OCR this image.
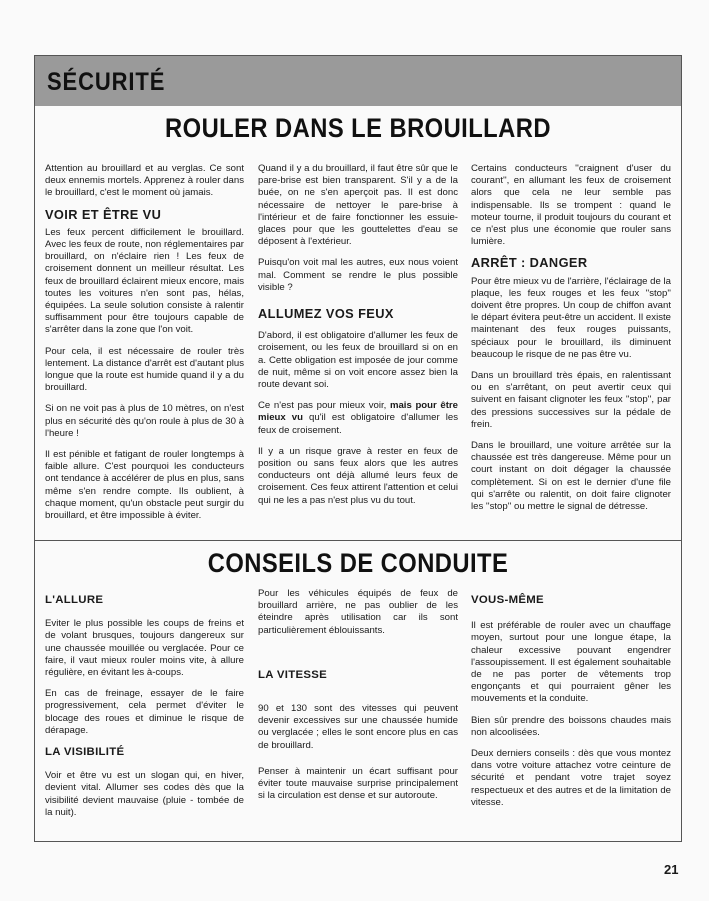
SÉCURITÉ
ROULER DANS LE BROUILLARD

Attention au brouillard et au verglas. Ce sont deux ennemis mortels. Apprenez à rouler dans le brouillard, c'est le moment où jamais.

VOIR ET ÊTRE VU

Les feux percent difficilement le brouillard. Avec les feux de route, non réglementaires par brouillard, on n'éclaire rien ! Les feux de croisement donnent un meilleur résultat. Les feux de brouillard éclairent mieux encore, mais toutes les voitures n'en sont pas, hélas, équipées. La seule solution consiste à ralentir suffisamment pour être toujours capable de s'arrêter dans la zone que l'on voit.

Pour cela, il est nécessaire de rouler très lentement. La distance d'arrêt est d'autant plus longue que la route est humide quand il y a du brouillard.

Si on ne voit pas à plus de 10 mètres, on n'est plus en sécurité dès qu'on roule à plus de 30 à l'heure !

Il est pénible et fatigant de rouler longtemps à faible allure. C'est pourquoi les conducteurs ont tendance à accélérer de plus en plus, sans même s'en rendre compte. Ils oublient, à chaque moment, qu'un obstacle peut surgir du brouillard, et être impossible à éviter.

Quand il y a du brouillard, il faut être sûr que le pare-brise est bien transparent. S'il y a de la buée, on ne s'en aperçoit pas. Il est donc nécessaire de nettoyer le pare-brise à l'intérieur et de faire fonctionner les essuie-glaces pour que les gouttelettes d'eau se déposent à l'extérieur.

Puisqu'on voit mal les autres, eux nous voient mal. Comment se rendre le plus possible visible ?

ALLUMEZ VOS FEUX

D'abord, il est obligatoire d'allumer les feux de croisement, ou les feux de brouillard si on en a. Cette obligation est imposée de jour comme de nuit, même si on voit encore assez bien la route devant soi.

Ce n'est pas pour mieux voir, mais pour être mieux vu qu'il est obligatoire d'allumer les feux de croisement.

Il y a un risque grave à rester en feux de position ou sans feux alors que les autres conducteurs ont déjà allumé leurs feux de croisement. Ces feux attirent l'attention et celui qui ne les a pas n'est plus vu du tout.

Certains conducteurs ''craignent d'user du courant'', en allumant les feux de croisement alors que cela ne leur semble pas indispensable. Ils se trompent : quand le moteur tourne, il produit toujours du courant et ce n'est plus une économie que rouler sans lumière.

ARRÊT : DANGER

Pour être mieux vu de l'arrière, l'éclairage de la plaque, les feux rouges et les feux ''stop'' doivent être propres. Un coup de chiffon avant le départ évitera peut-être un accident. Il existe maintenant des feux rouges puissants, spéciaux pour le brouillard, ils diminuent beaucoup le risque de ne pas être vu.

Dans un brouillard très épais, en ralentissant ou en s'arrêtant, on peut avertir ceux qui suivent en faisant clignoter les feux ''stop'', par des pressions successives sur la pédale de frein.

Dans le brouillard, une voiture arrêtée sur la chaussée est très dangereuse. Même pour un court instant on doit dégager la chaussée complètement. Si on est le dernier d'une file qui s'arrête ou ralentit, on doit faire clignoter les ''stop'' ou mettre le signal de détresse.

CONSEILS DE CONDUITE
L'ALLURE

Eviter le plus possible les coups de freins et de volant brusques, toujours dangereux sur une chaussée mouillée ou verglacée. Pour ce faire, il vaut mieux rouler moins vite, à allure régulière, en évitant les à-coups.

En cas de freinage, essayer de le faire progressivement, cela permet d'éviter le blocage des roues et diminue le risque de dérapage.

LA VISIBILITÉ

Voir et être vu est un slogan qui, en hiver, devient vital. Allumer ses codes dès que la visibilité devient mauvaise (pluie - tombée de la nuit).

Pour les véhicules équipés de feux de brouillard arrière, ne pas oublier de les éteindre après utilisation car ils sont particulièrement éblouissants.

LA VITESSE

90 et 130 sont des vitesses qui peuvent devenir excessives sur une chaussée humide ou verglacée ; elles le sont encore plus en cas de brouillard.

Penser à maintenir un écart suffisant pour éviter toute mauvaise surprise principalement si la circulation est dense et sur autoroute.

VOUS-MÊME

Il est préférable de rouler avec un chauffage moyen, surtout pour une longue étape, la chaleur excessive pouvant engendrer l'assoupissement. Il est également souhaitable de ne pas porter de vêtements trop engonçants et qui pourraient gêner les mouvements et la conduite.

Bien sûr prendre des boissons chaudes mais non alcoolisées.

Deux derniers conseils : dès que vous montez dans votre voiture attachez votre ceinture de sécurité et pendant votre trajet soyez respectueux et des autres et de la limitation de vitesse.

21
